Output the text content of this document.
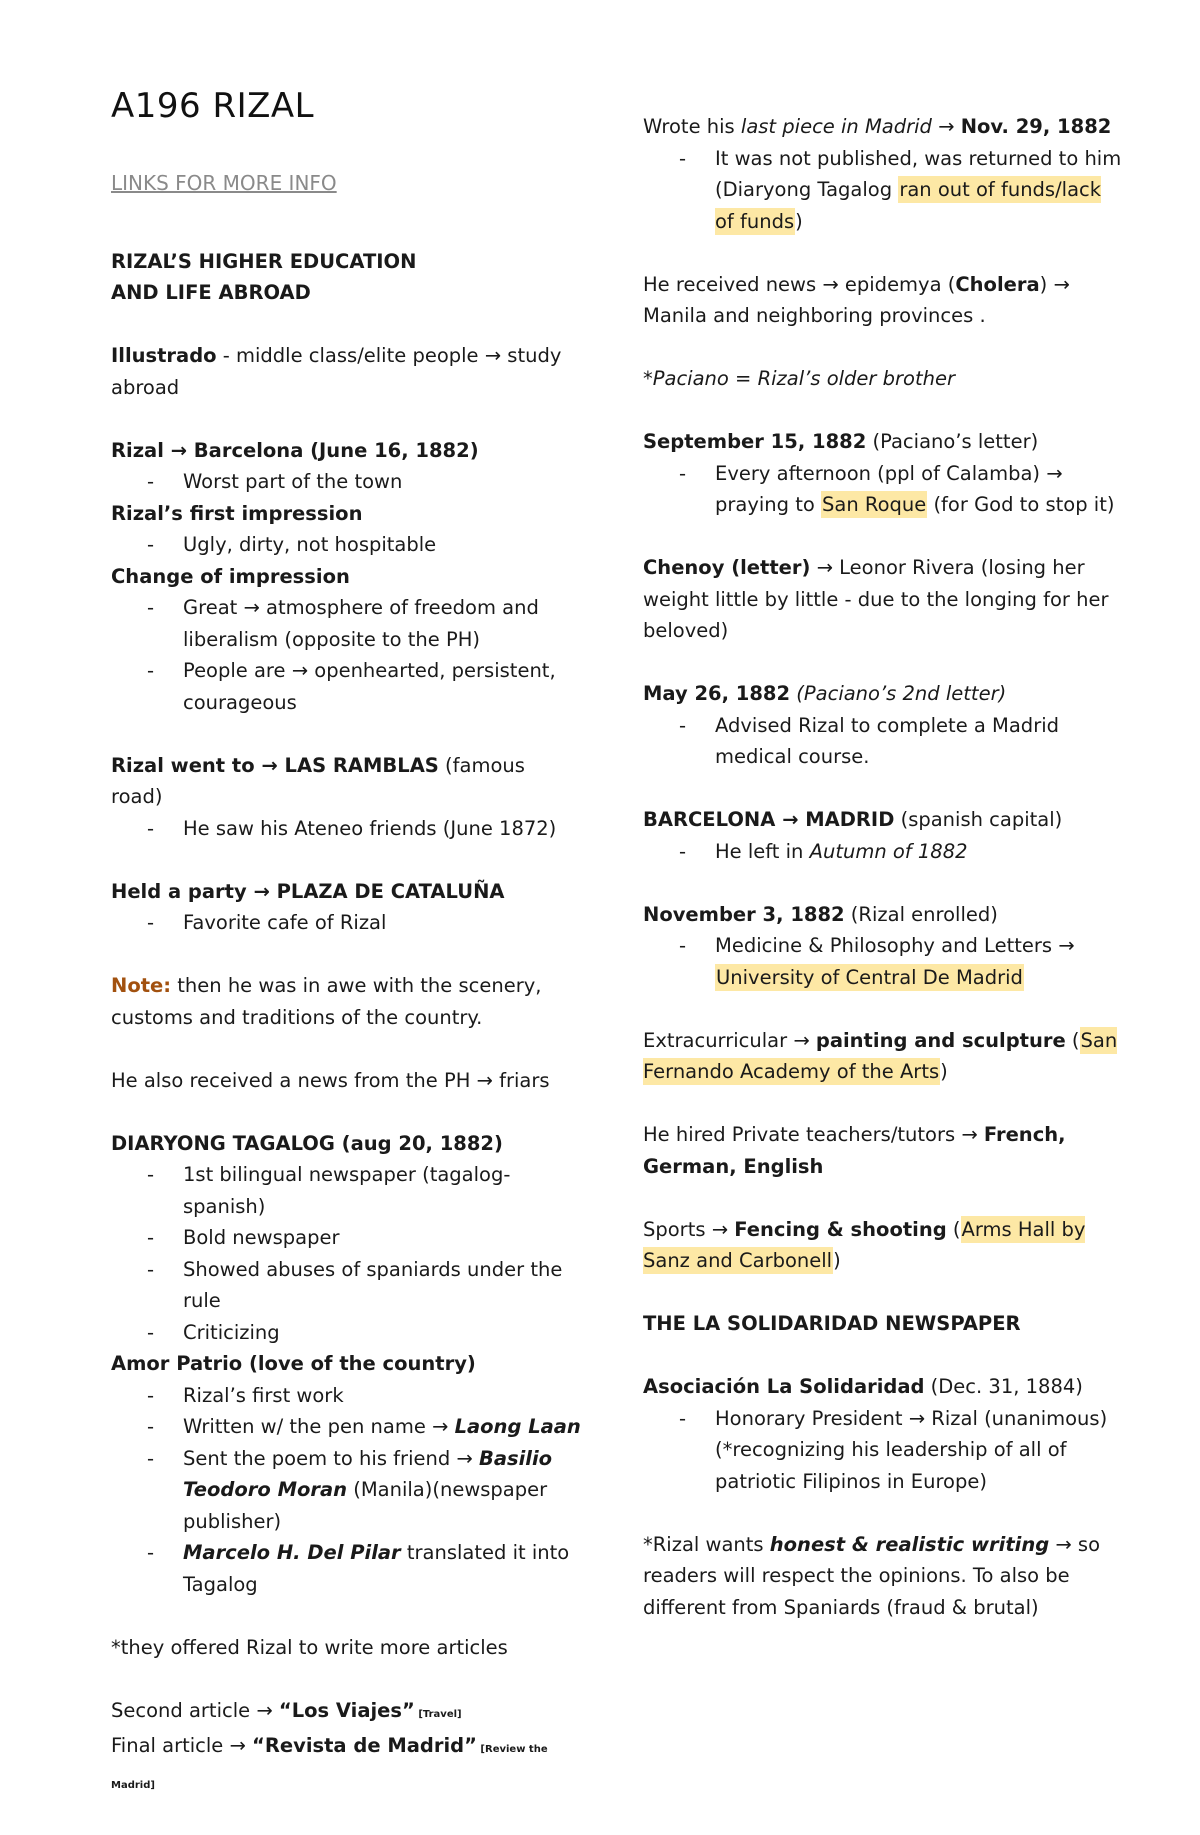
A196 RIZAL

LINKS FOR MORE INFO

RIZAL’S HIGHER EDUCATION

AND LIFE ABROAD

Illustrado - middle class/elite people → study abroad

Rizal → Barcelona (June 16, 1882)

- Worst part of the town

Rizal’s first impression

- Ugly, dirty, not hospitable

Change of impression

- Great → atmosphere of freedom and liberalism (opposite to the PH)
- People are → openhearted, persistent, courageous

Rizal went to → LAS RAMBLAS (famous road)

- He saw his Ateneo friends (June 1872)

Held a party → PLAZA DE CATALUÑA

- Favorite cafe of Rizal

Note: then he was in awe with the scenery, customs and traditions of the country.

He also received a news from the PH → friars

DIARYONG TAGALOG (aug 20, 1882)

- 1st bilingual newspaper (tagalog- spanish)
- Bold newspaper
- Showed abuses of spaniards under the rule
- Criticizing

Amor Patrio (love of the country)

- Rizal’s first work
- Written w/ the pen name → Laong Laan
- Sent the poem to his friend → Basilio Teodoro Moran (Manila)(newspaper publisher)
- Marcelo H. Del Pilar translated it into Tagalog

*they offered Rizal to write more articles

Second article → “Los Viajes” [Travel]

Final article → “Revista de Madrid” [Review the Madrid]

Wrote his last piece in Madrid → Nov. 29, 1882

- It was not published, was returned to him (Diaryong Tagalog ran out of funds/lack of funds)

He received news → epidemya (Cholera) → Manila and neighboring provinces .

*Paciano = Rizal’s older brother

September 15, 1882 (Paciano’s letter)

- Every afternoon (ppl of Calamba) → praying to San Roque (for God to stop it)

Chenoy (letter) → Leonor Rivera (losing her weight little by little - due to the longing for her beloved)

May 26, 1882 (Paciano’s 2nd letter)

- Advised Rizal to complete a Madrid medical course.

BARCELONA → MADRID (spanish capital)

- He left in Autumn of 1882

November 3, 1882 (Rizal enrolled)

- Medicine & Philosophy and Letters → University of Central De Madrid

Extracurricular → painting and sculpture (San Fernando Academy of the Arts)

He hired Private teachers/tutors → French, German, English

Sports → Fencing & shooting (Arms Hall by Sanz and Carbonell)

THE LA SOLIDARIDAD NEWSPAPER

Asociación La Solidaridad (Dec. 31, 1884)

- Honorary President → Rizal (unanimous) (*recognizing his leadership of all of patriotic Filipinos in Europe)

*Rizal wants honest & realistic writing → so readers will respect the opinions. To also be different from Spaniards (fraud & brutal)
